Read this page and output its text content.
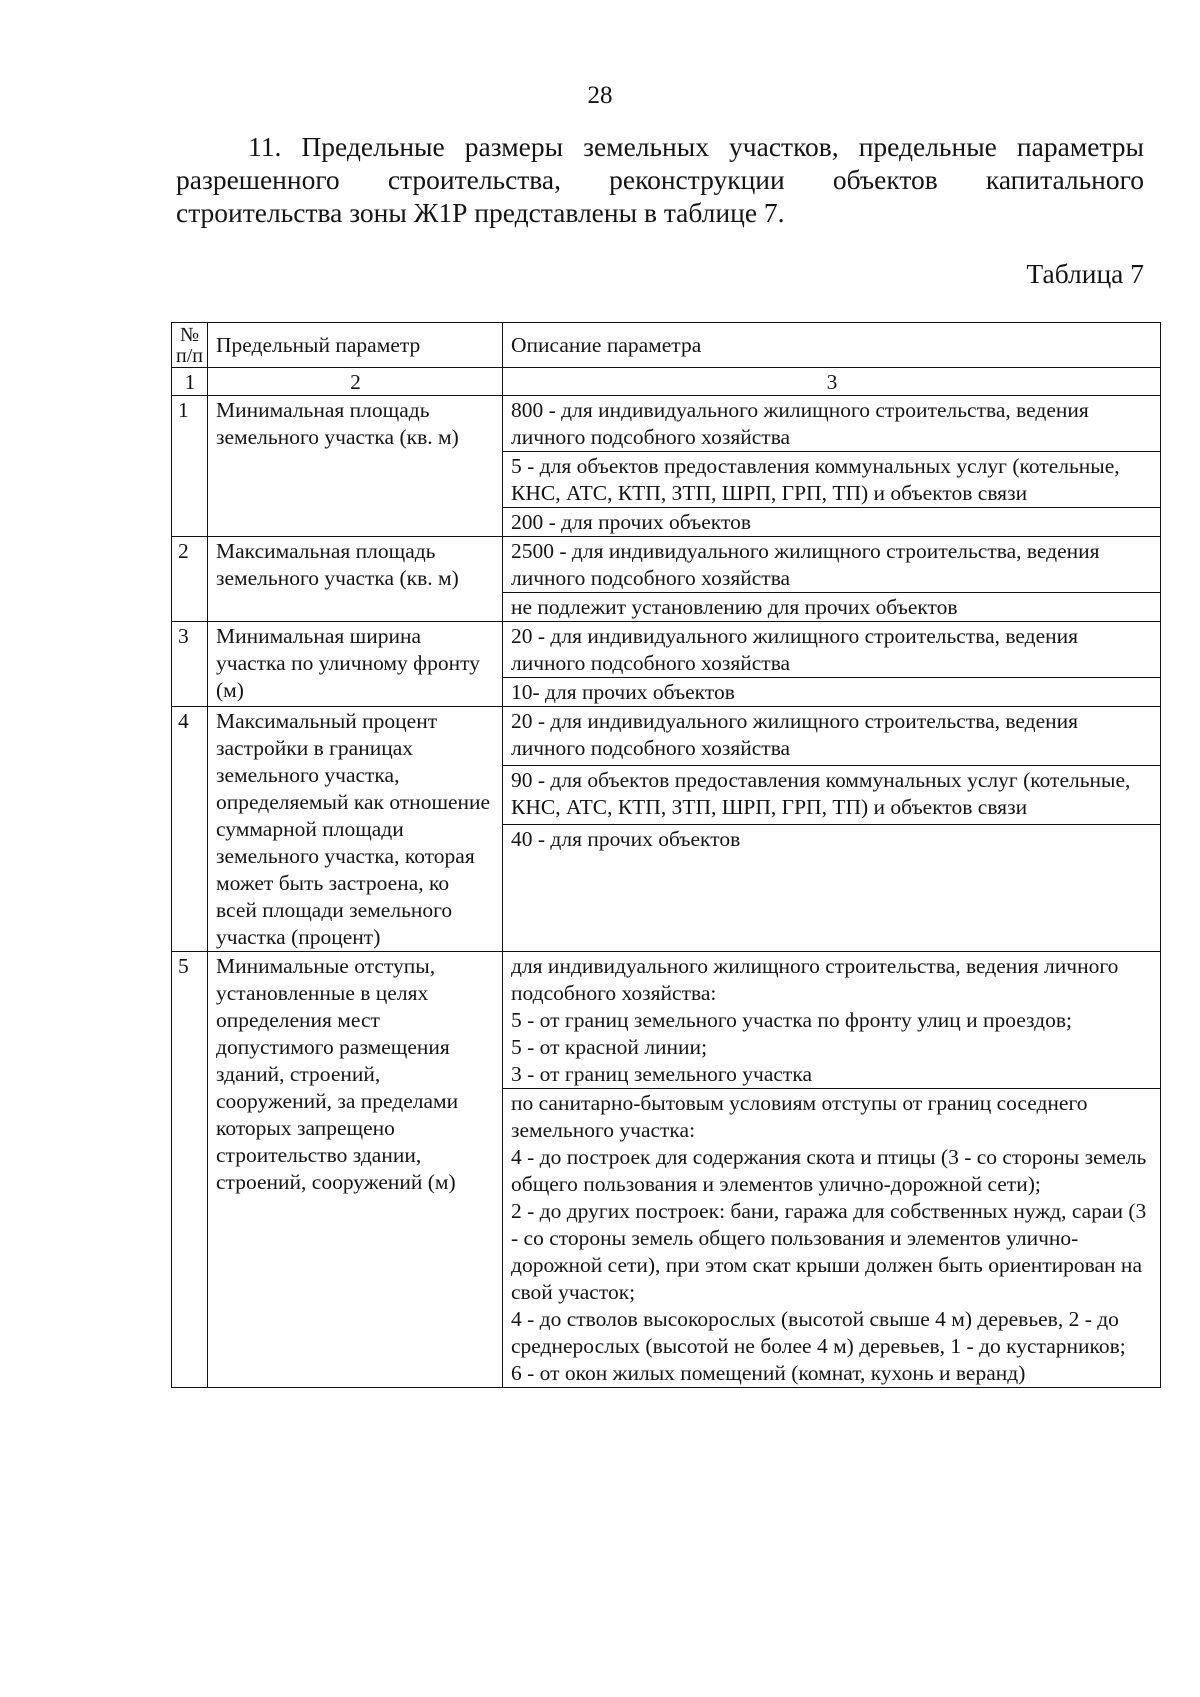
28

11. Предельные размеры земельных участков, предельные параметры разрешенного строительства, реконструкции объектов капитального строительства зоны Ж1Р представлены в таблице 7.

Таблица 7
№ п/п	Предельный параметр	Описание параметра
1	2	3
1	Минимальная площадь земельного участка (кв. м)	800 - для индивидуального жилищного строительства, ведения личного подсобного хозяйства
		5 - для объектов предоставления коммунальных услуг (котельные, КНС, АТС, КТП, ЗТП, ШРП, ГРП, ТП) и объектов связи
		200 - для прочих объектов
2	Максимальная площадь земельного участка (кв. м)	2500 - для индивидуального жилищного строительства, ведения личного подсобного хозяйства
		не подлежит установлению для прочих объектов
3	Минимальная ширина участка по уличному фронту (м)	20 - для индивидуального жилищного строительства, ведения личного подсобного хозяйства
		10- для прочих объектов
4	Максимальный процент застройки в границах земельного участка, определяемый как отношение суммарной площади земельного участка, которая может быть застроена, ко всей площади земельного участка (процент)	20 - для индивидуального жилищного строительства, ведения личного подсобного хозяйства
		90 - для объектов предоставления коммунальных услуг (котельные, КНС, АТС, КТП, ЗТП, ШРП, ГРП, ТП) и объектов связи
		40 - для прочих объектов
5	Минимальные отступы, установленные в целях определения мест допустимого размещения зданий, строений, сооружений, за пределами которых запрещено строительство здании, строений, сооружений (м)	для индивидуального жилищного строительства, ведения личного подсобного хозяйства:
5 - от границ земельного участка по фронту улиц и проездов;
5 - от красной линии;
3 - от границ земельного участка

		по санитарно-бытовым условиям отступы от границ соседнего земельного участка:
4 - до построек для содержания скота и птицы (3 - со стороны земель общего пользования и элементов улично-дорожной сети);
2 - до других построек: бани, гаража для собственных нужд, сараи (3 - со стороны земель общего пользования и элементов улично-дорожной сети), при этом скат крыши должен быть ориентирован на свой участок;
4 - до стволов высокорослых (высотой свыше 4 м) деревьев, 2 - до среднерослых (высотой не более 4 м) деревьев, 1 - до кустарников;
6 - от окон жилых помещений (комнат, кухонь и веранд)
